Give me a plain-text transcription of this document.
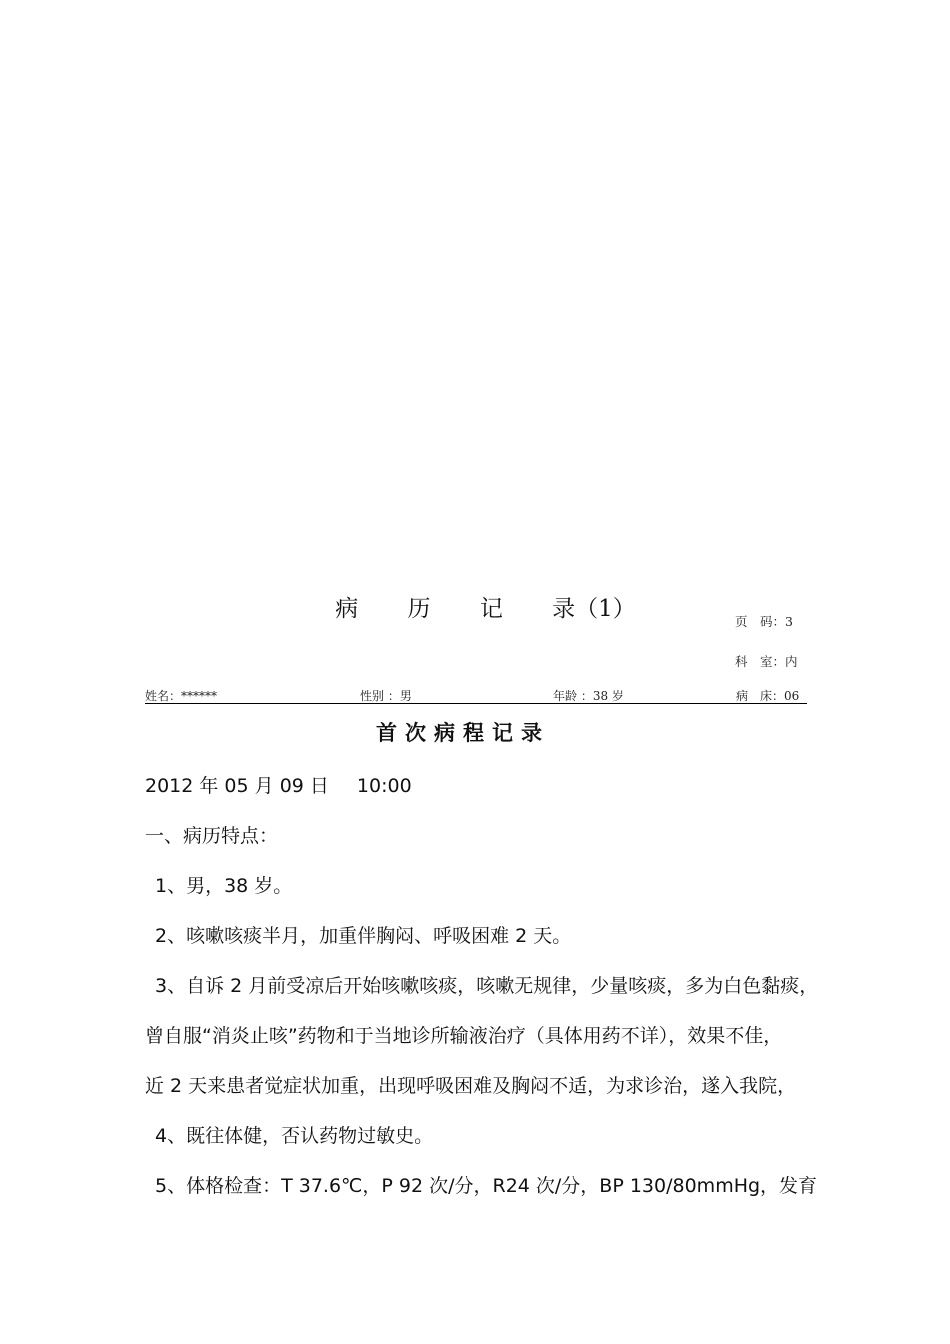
病 历 记 录（1）	页　码：3
科　室：内
姓名：******	性别 ：男	年龄 ：38 岁	病　床：06
首次病程记录
2012 年 05 月 09 日 10:00
一、病历特点：
1、男，38 岁。
2、咳嗽咳痰半月，加重伴胸闷、呼吸困难 2 天。
3、自诉 2 月前受凉后开始咳嗽咳痰，咳嗽无规律，少量咳痰，多为白色黏痰，
曾自服“消炎止咳”药物和于当地诊所输液治疗（具体用药不详），效果不佳，
近 2 天来患者觉症状加重，出现呼吸困难及胸闷不适，为求诊治，遂入我院，
4、既往体健，否认药物过敏史。
5、体格检查：T 37.6℃，P 92 次/分，R24 次/分，BP 130/80mmHg，发育
